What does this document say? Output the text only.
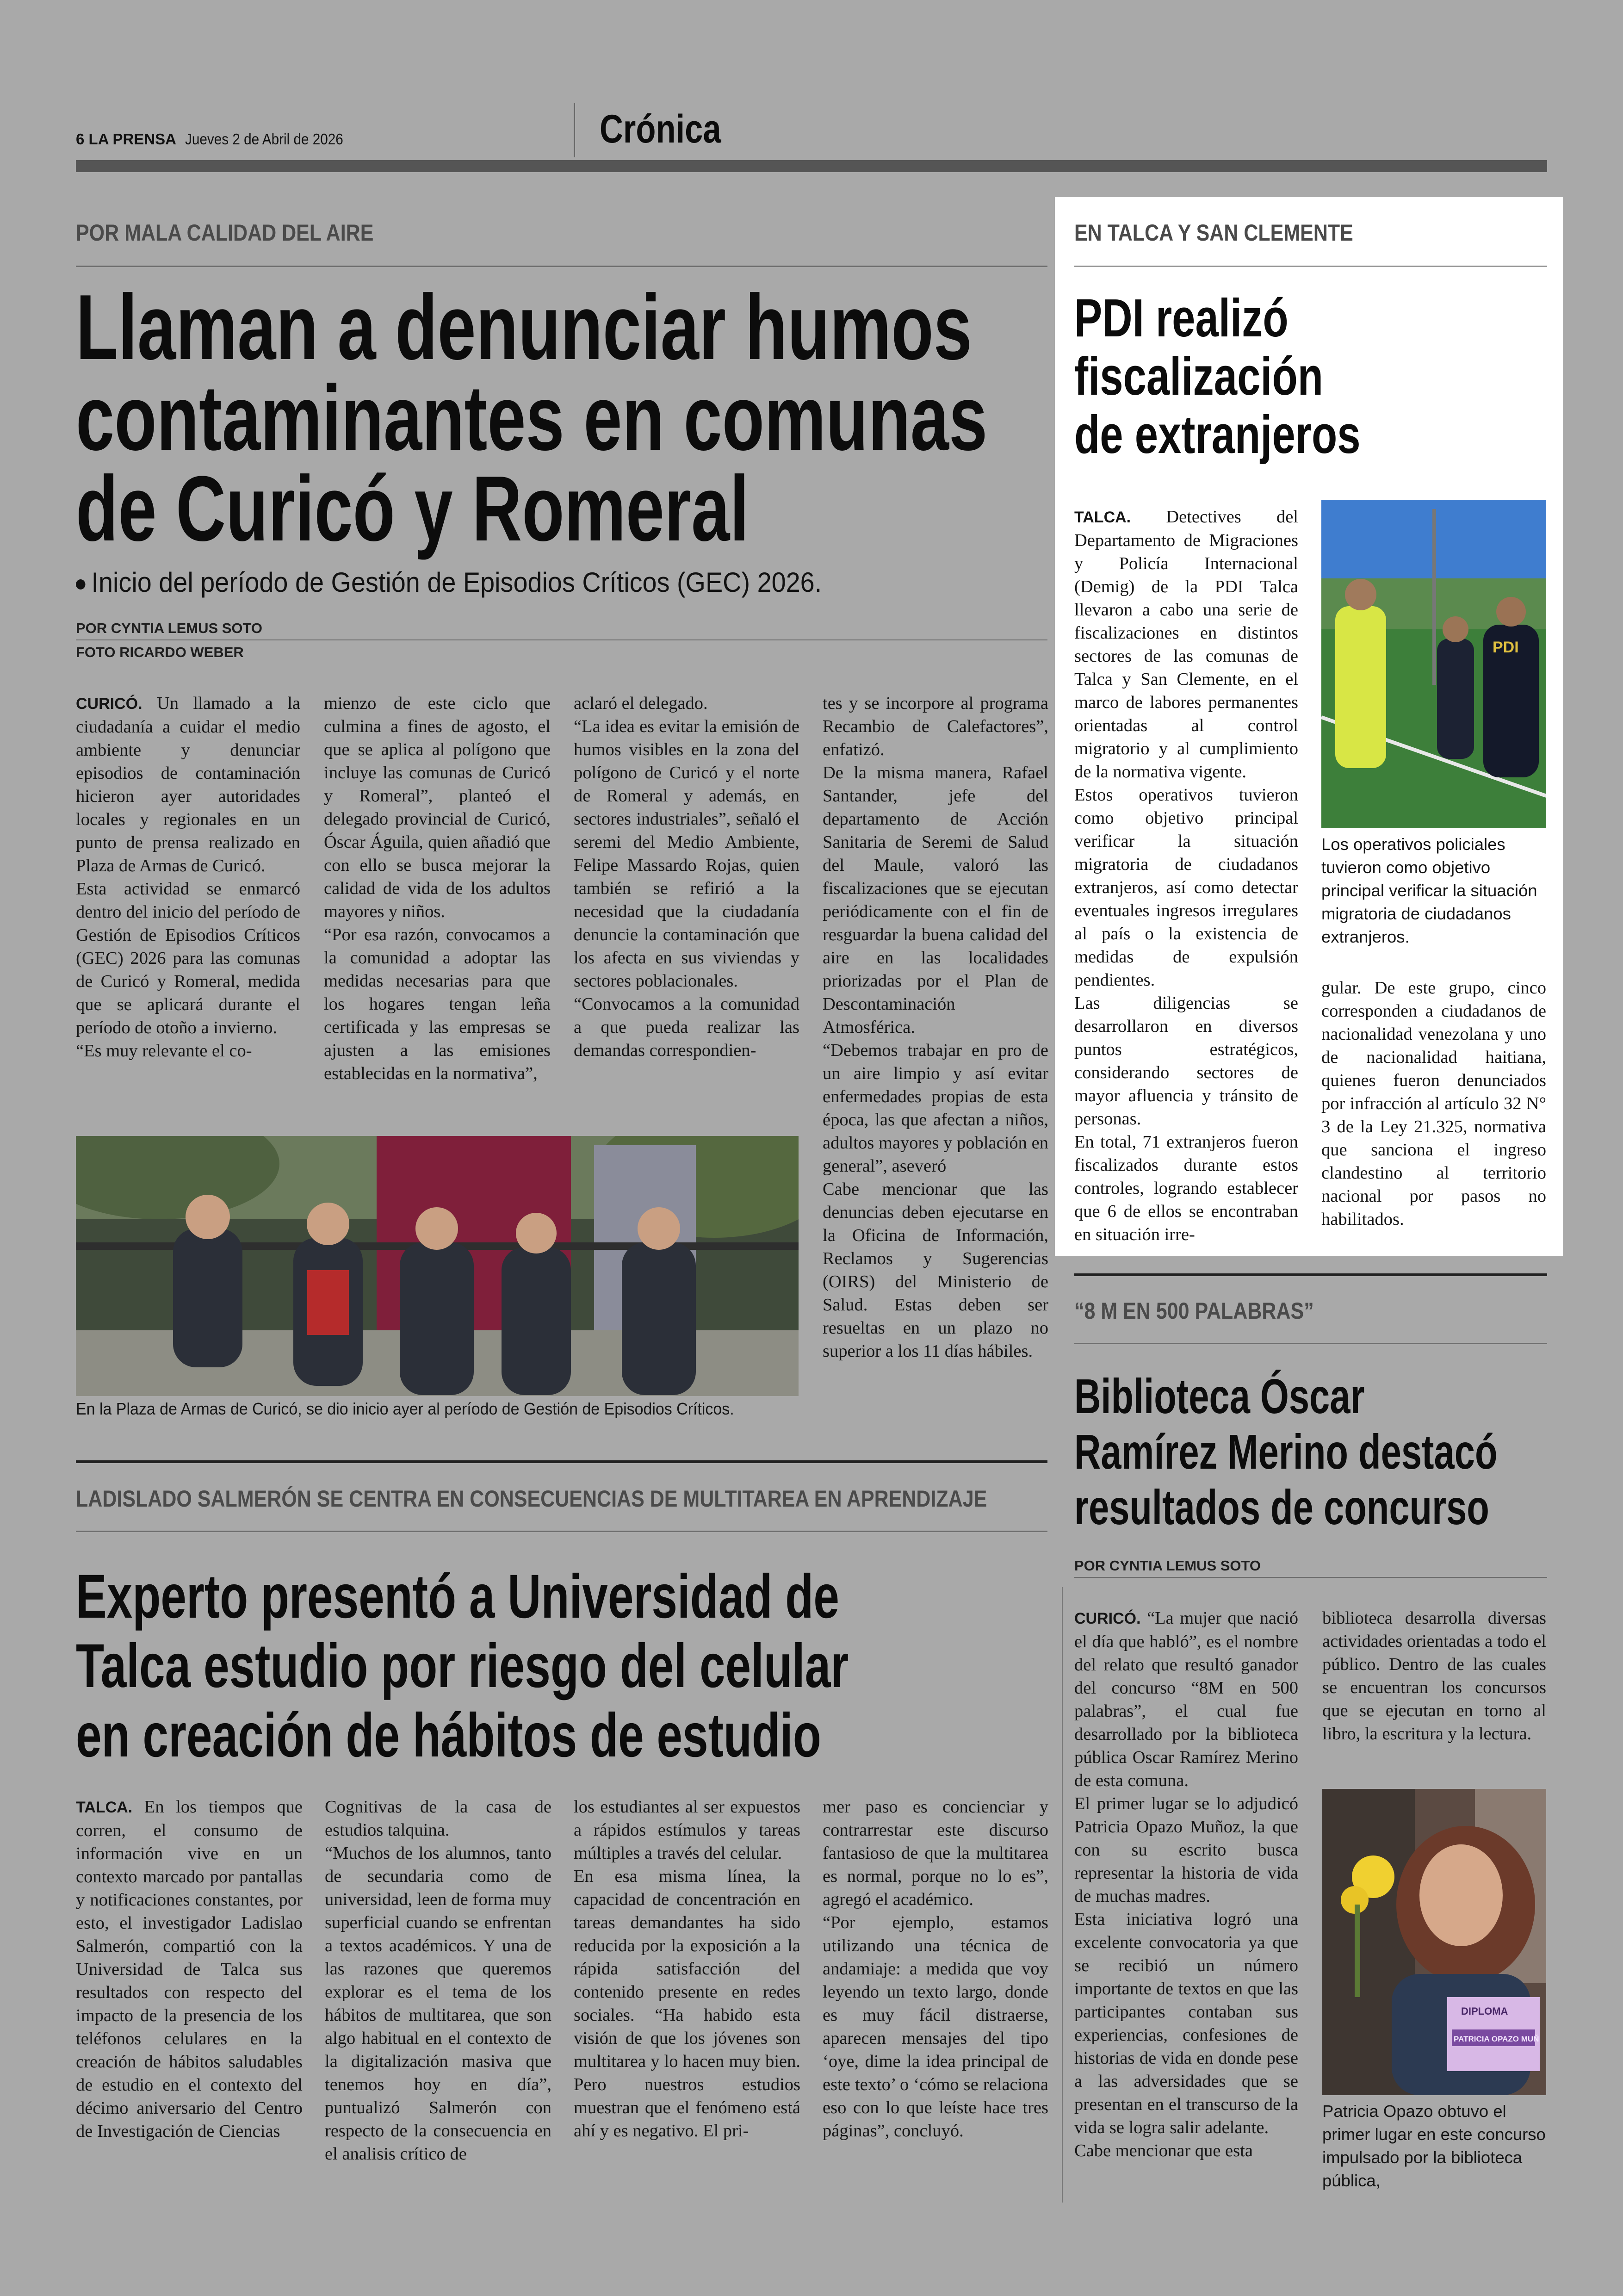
6 LA PRENSA Jueves 2 de Abril de 2026	Crónica
POR MALA CALIDAD DEL AIRE
Llaman a denunciar humos
contaminantes en comunas
de Curicó y Romeral
Inicio del período de Gestión de Episodios Críticos (GEC) 2026.
POR CYNTIA LEMUS SOTO
FOTO RICARDO WEBER
CURICÓ. Un llamado a la ciudadanía a cuidar el medio ambiente y denunciar episodios de contaminación hicieron ayer autoridades locales y regionales en un punto de prensa realizado en Plaza de Armas de Curicó.
Esta actividad se enmarcó dentro del inicio del período de Gestión de Episodios Críticos (GEC) 2026 para las comunas de Curicó y Romeral, medida que se aplicará durante el período de otoño a invierno.
“Es muy relevante el co-
mienzo de este ciclo que culmina a fines de agosto, el que se aplica al polígono que incluye las comunas de Curicó y Romeral”, planteó el delegado provincial de Curicó, Óscar Águila, quien añadió que con ello se busca mejorar la calidad de vida de los adultos mayores y niños.
“Por esa razón, convocamos a la comunidad a adoptar las medidas necesarias para que los hogares tengan leña certificada y las empresas se ajusten a las emisiones establecidas en la normativa”,
aclaró el delegado.
“La idea es evitar la emisión de humos visibles en la zona del polígono de Curicó y el norte de Romeral y además, en sectores industriales”, señaló el seremi del Medio Ambiente, Felipe Massardo Rojas, quien también se refirió a la necesidad que la ciudadanía denuncie la contaminación que los afecta en sus viviendas y sectores poblacionales.
“Convocamos a la comunidad a que pueda realizar las demandas correspondien-
tes y se incorpore al programa Recambio de Calefactores”, enfatizó.
De la misma manera, Rafael Santander, jefe del departamento de Acción Sanitaria de Seremi de Salud del Maule, valoró las fiscalizaciones que se ejecutan periódicamente con el fin de resguardar la buena calidad del aire en las localidades priorizadas por el Plan de Descontaminación Atmosférica.
“Debemos trabajar en pro de un aire limpio y así evitar enfermedades propias de esta época, las que afectan a niños, adultos mayores y población en general”, aseveró
Cabe mencionar que las denuncias deben ejecutarse en la Oficina de Información, Reclamos y Sugerencias (OIRS) del Ministerio de Salud. Estas deben ser resueltas en un plazo no superior a los 11 días hábiles.
En la Plaza de Armas de Curicó, se dio inicio ayer al período de Gestión de Episodios Críticos.
EN TALCA Y SAN CLEMENTE
PDI realizó
fiscalización
de extranjeros
TALCA. Detectives del Departamento de Migraciones y Policía Internacional (Demig) de la PDI Talca llevaron a cabo una serie de fiscalizaciones en distintos sectores de las comunas de Talca y San Clemente, en el marco de labores permanentes orientadas al control migratorio y al cumplimiento de la normativa vigente.
Estos operativos tuvieron como objetivo principal verificar la situación migratoria de ciudadanos extranjeros, así como detectar eventuales ingresos irregulares al país o la existencia de medidas de expulsión pendientes.
Las diligencias se desarrollaron en diversos puntos estratégicos, considerando sectores de mayor afluencia y tránsito de personas.
En total, 71 extranjeros fueron fiscalizados durante estos controles, logrando establecer que 6 de ellos se encontraban en situación irre-
PDI
Los operativos policiales tuvieron como objetivo principal verificar la situación migratoria de ciudadanos extranjeros.
gular. De este grupo, cinco corresponden a ciudadanos de nacionalidad venezolana y uno de nacionalidad haitiana, quienes fueron denunciados por infracción al artículo 32 N° 3 de la Ley 21.325, normativa que sanciona el ingreso clandestino al territorio nacional por pasos no habilitados.
LADISLADO SALMERÓN SE CENTRA EN CONSECUENCIAS DE MULTITAREA EN APRENDIZAJE
Experto presentó a Universidad de
Talca estudio por riesgo del celular
en creación de hábitos de estudio
TALCA. En los tiempos que corren, el consumo de información vive en un contexto marcado por pantallas y notificaciones constantes, por esto, el investigador Ladislao Salmerón, compartió con la Universidad de Talca sus resultados con respecto del impacto de la presencia de los teléfonos celulares en la creación de hábitos saludables de estudio en el contexto del décimo aniversario del Centro de Investigación de Ciencias
Cognitivas de la casa de estudios talquina.
“Muchos de los alumnos, tanto de secundaria como de universidad, leen de forma muy superficial cuando se enfrentan a textos académicos. Y una de las razones que queremos explorar es el tema de los hábitos de multitarea, que son algo habitual en el contexto de la digitalización masiva que tenemos hoy en día”, puntualizó Salmerón con respecto de la consecuencia en el analisis crítico de
los estudiantes al ser expuestos a rápidos estímulos y tareas múltiples a través del celular.
En esa misma línea, la capacidad de concentración en tareas demandantes ha sido reducida por la exposición a la rápida satisfacción del contenido presente en redes sociales. “Ha habido esta visión de que los jóvenes son multitarea y lo hacen muy bien. Pero nuestros estudios muestran que el fenómeno está ahí y es negativo. El pri-
mer paso es concienciar y contrarrestar este discurso fantasioso de que la multitarea es normal, porque no lo es”, agregó el académico.
“Por ejemplo, estamos utilizando una técnica de andamiaje: a medida que voy leyendo un texto largo, donde es muy fácil distraerse, aparecen mensajes del tipo ‘oye, dime la idea principal de este texto’ o ‘cómo se relaciona eso con lo que leíste hace tres páginas”, concluyó.
“8 M EN 500 PALABRAS”
Biblioteca Óscar
Ramírez Merino destacó
resultados de concurso
POR CYNTIA LEMUS SOTO
CURICÓ. “La mujer que nació el día que habló”, es el nombre del relato que resultó ganador del concurso “8M en 500 palabras”, el cual fue desarrollado por la biblioteca pública Oscar Ramírez Merino de esta comuna.
El primer lugar se lo adjudicó Patricia Opazo Muñoz, la que con su escrito busca representar la historia de vida de muchas madres.
Esta iniciativa logró una excelente convocatoria ya que se recibió un número importante de textos en que las participantes contaban sus experiencias, confesiones de historias de vida en donde pese a las adversidades que se presentan en el transcurso de la vida se logra salir adelante.
Cabe mencionar que esta
biblioteca desarrolla diversas actividades orientadas a todo el público. Dentro de las cuales se encuentran los concursos que se ejecutan en torno al libro, la escritura y la lectura.
DIPLOMA
PATRICIA OPAZO MUÑ
Patricia Opazo obtuvo el primer lugar en este concurso impulsado por la biblioteca pública,
